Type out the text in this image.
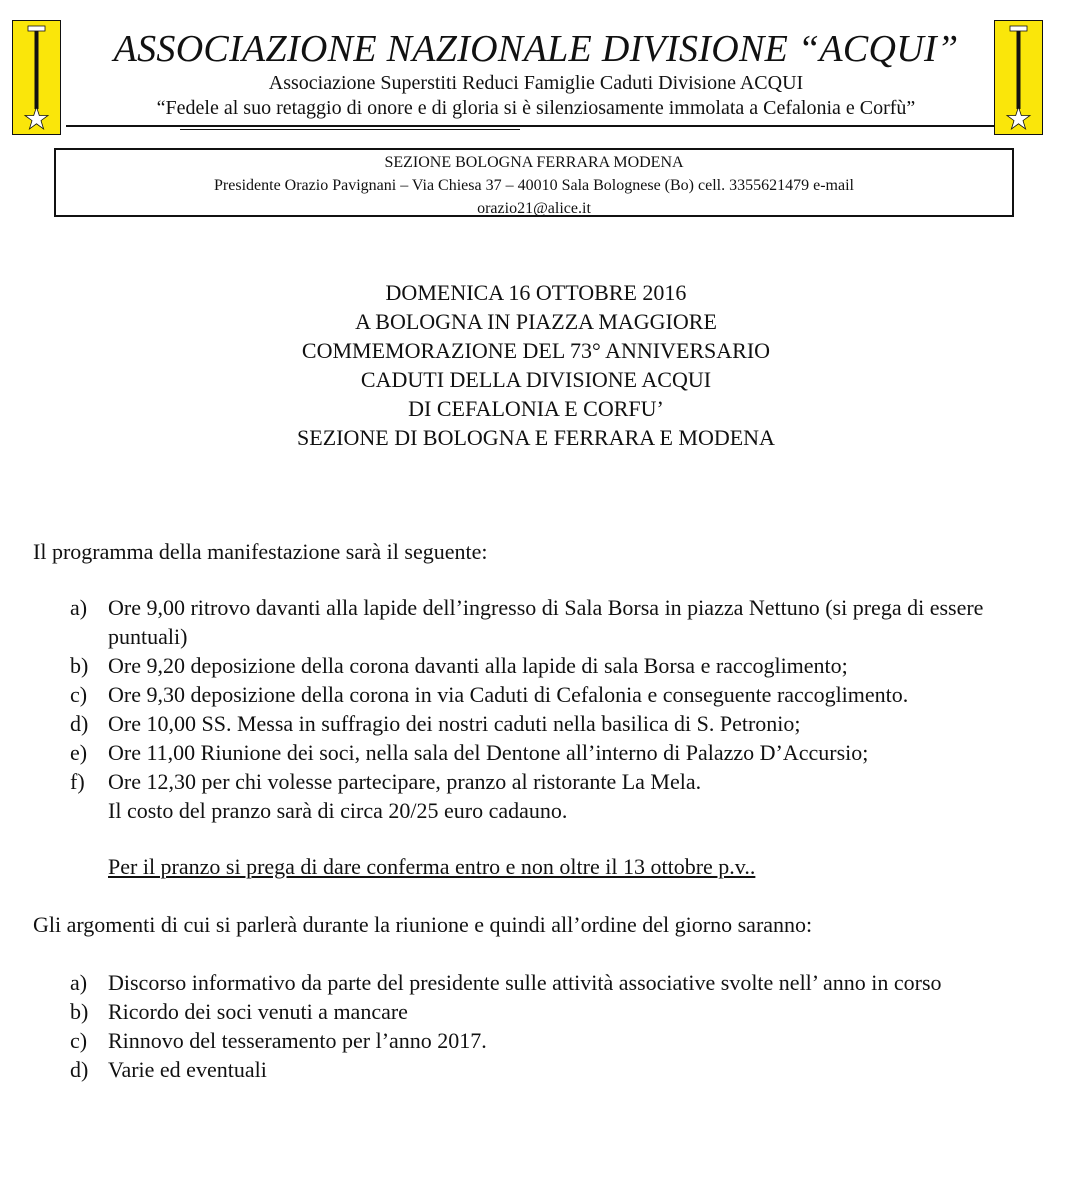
ASSOCIAZIONE NAZIONALE DIVISIONE “ACQUI”
Associazione Superstiti Reduci Famiglie Caduti Divisione ACQUI
“Fedele al suo retaggio di onore e di gloria si è silenziosamente immolata a Cefalonia e Corfù”
SEZIONE BOLOGNA FERRARA MODENA
Presidente Orazio Pavignani – Via Chiesa 37 – 40010 Sala Bolognese (Bo) cell. 3355621479 e-mail
orazio21@alice.it
DOMENICA 16 OTTOBRE 2016
A BOLOGNA IN PIAZZA MAGGIORE
COMMEMORAZIONE DEL 73° ANNIVERSARIO
CADUTI DELLA DIVISIONE ACQUI
DI CEFALONIA E CORFU’
SEZIONE DI BOLOGNA E FERRARA E MODENA
Il programma della manifestazione sarà il seguente:
a) Ore 9,00 ritrovo davanti alla lapide dell’ingresso di Sala Borsa in piazza Nettuno (si prega di essere puntuali)
b) Ore 9,20 deposizione della corona davanti alla lapide di sala Borsa e raccoglimento;
c) Ore 9,30 deposizione della corona in via Caduti di Cefalonia e conseguente raccoglimento.
d) Ore 10,00 SS. Messa in suffragio dei nostri caduti nella basilica di S. Petronio;
e) Ore 11,00 Riunione dei soci, nella sala del Dentone all’interno di Palazzo D’Accursio;
f)	Ore 12,30 per chi volesse partecipare, pranzo al ristorante La Mela.
Il costo del pranzo sarà di circa 20/25 euro cadauno.
Per il pranzo si prega di dare conferma entro e non oltre il 13 ottobre p.v..
Gli argomenti di cui si parlerà durante la riunione e quindi all’ordine del giorno saranno:
a) Discorso informativo da parte del presidente sulle attività associative svolte nell’ anno in corso
b) Ricordo dei soci venuti a mancare
c) Rinnovo del tesseramento per l’anno 2017.
d) Varie ed eventuali
